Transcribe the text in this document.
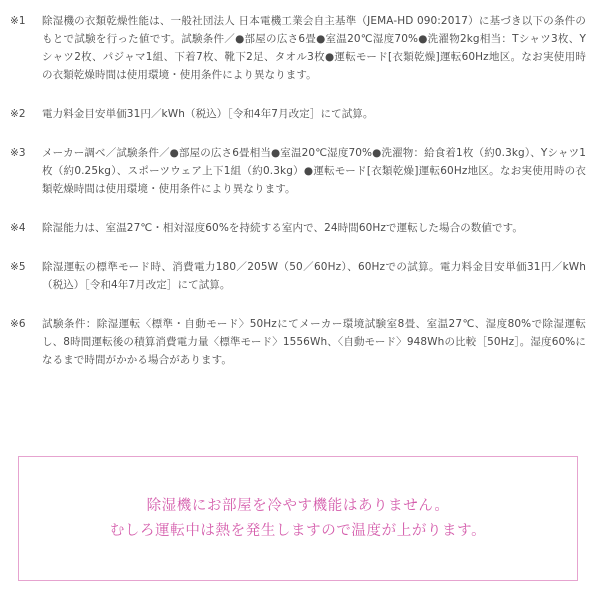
※1	除湿機の衣類乾燥性能は、一般社団法人 日本電機工業会自主基準（JEMA-HD 090:2017）に基づき以下の条件のもとで試験を行った値です。試験条件／●部屋の広さ6畳●室温20℃湿度70%●洗濯物2kg相当：Tシャツ3枚、Yシャツ2枚、パジャマ1組、下着7枚、靴下2足、タオル3枚●運転モード[衣類乾燥]運転60Hz地区。なお実使用時の衣類乾燥時間は使用環境・使用条件により異なります。
※2	電力料金目安単価31円／kWh（税込）［令和4年7月改定］にて試算。
※3	メーカー調べ／試験条件／●部屋の広さ6畳相当●室温20℃湿度70%●洗濯物：給食着1枚（約0.3kg）、Yシャツ1枚（約0.25kg）、スポーツウェア上下1組（約0.3kg）●運転モード[衣類乾燥]運転60Hz地区。なお実使用時の衣類乾燥時間は使用環境・使用条件により異なります。
※4	除湿能力は、室温27℃・相対湿度60%を持続する室内で、24時間60Hzで運転した場合の数値です。
※5	除湿運転の標準モード時、消費電力180／205W（50／60Hz）、60Hzでの試算。電力料金目安単価31円／kWh（税込）［令和4年7月改定］にて試算。
※6	試験条件：除湿運転〈標準・自動モード〉50Hzにてメーカー環境試験室8畳、室温27℃、湿度80%で除湿運転し、8時間運転後の積算消費電力量〈標準モード〉1556Wh、〈自動モード〉948Whの比較［50Hz］。湿度60%になるまで時間がかかる場合があります。
除湿機にお部屋を冷やす機能はありません。
むしろ運転中は熱を発生しますので温度が上がります。
